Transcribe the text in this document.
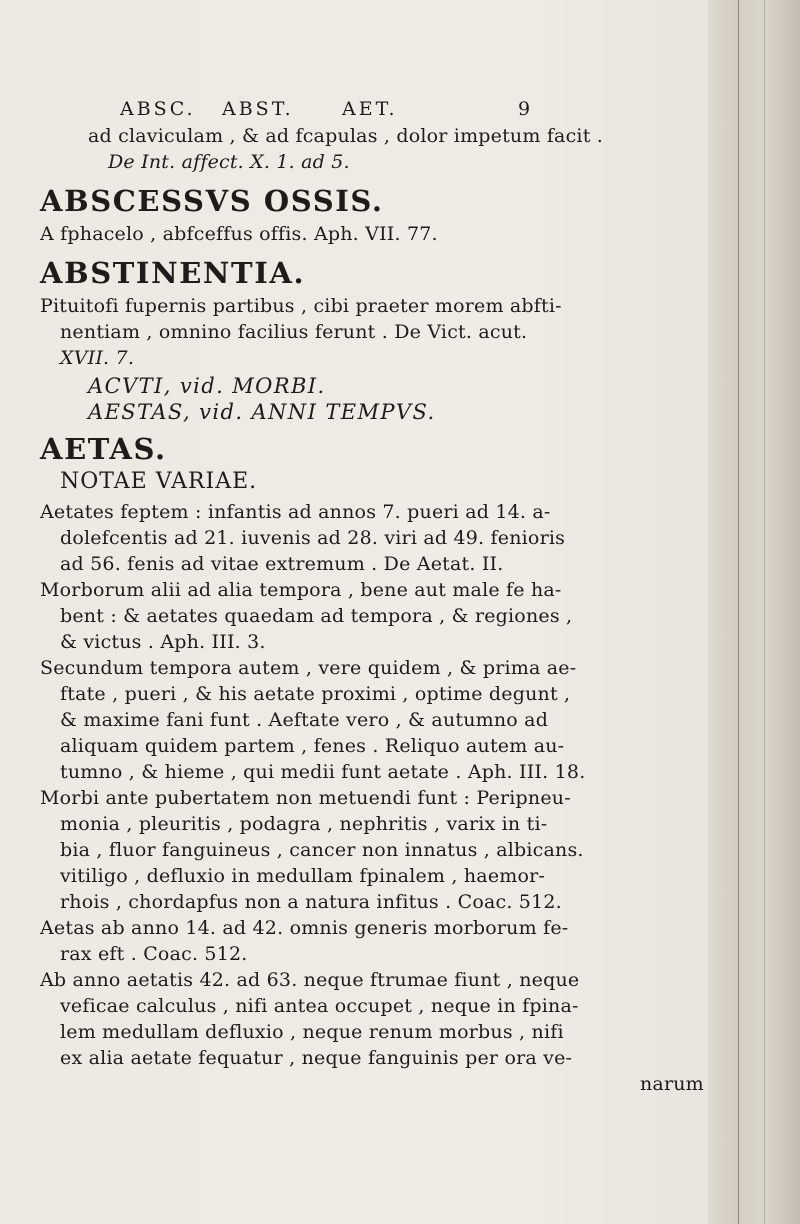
ABSC. ABST.	AET.	9
ad claviculam , & ad fcapulas , dolor impetum facit .
De Int. affect. X. 1. ad 5.
ABSCESSVS OSSIS.
A fphacelo , abfceffus offis. Aph. VII. 77.
ABSTINENTIA.
Pituitofi fupernis partibus , cibi praeter morem abfti-
nentiam , omnino facilius ferunt . De Vict. acut.
XVII. 7.
ACVTI, vid. MORBI.
AESTAS, vid. ANNI TEMPVS.
AETAS.
NOTAE VARIAE.
Aetates feptem : infantis ad annos 7. pueri ad 14. a-
dolefcentis ad 21. iuvenis ad 28. viri ad 49. fenioris
ad 56. fenis ad vitae extremum . De Aetat. II.
Morborum alii ad alia tempora , bene aut male fe ha-
bent : & aetates quaedam ad tempora , & regiones ,
& victus . Aph. III. 3.
Secundum tempora autem , vere quidem , & prima ae-
ftate , pueri , & his aetate proximi , optime degunt ,
& maxime fani funt . Aeftate vero , & autumno ad
aliquam quidem partem , fenes . Reliquo autem au-
tumno , & hieme , qui medii funt aetate . Aph. III. 18.
Morbi ante pubertatem non metuendi funt : Peripneu-
monia , pleuritis , podagra , nephritis , varix in ti-
bia , fluor fanguineus , cancer non innatus , albicans.
vitiligo , defluxio in medullam fpinalem , haemor-
rhois , chordapfus non a natura infitus . Coac. 512.
Aetas ab anno 14. ad 42. omnis generis morborum fe-
rax eft . Coac. 512.
Ab anno aetatis 42. ad 63. neque ftrumae fiunt , neque
veficae calculus , nifi antea occupet , neque in fpina-
lem medullam defluxio , neque renum morbus , nifi
ex alia aetate fequatur , neque fanguinis per ora ve-
narum
